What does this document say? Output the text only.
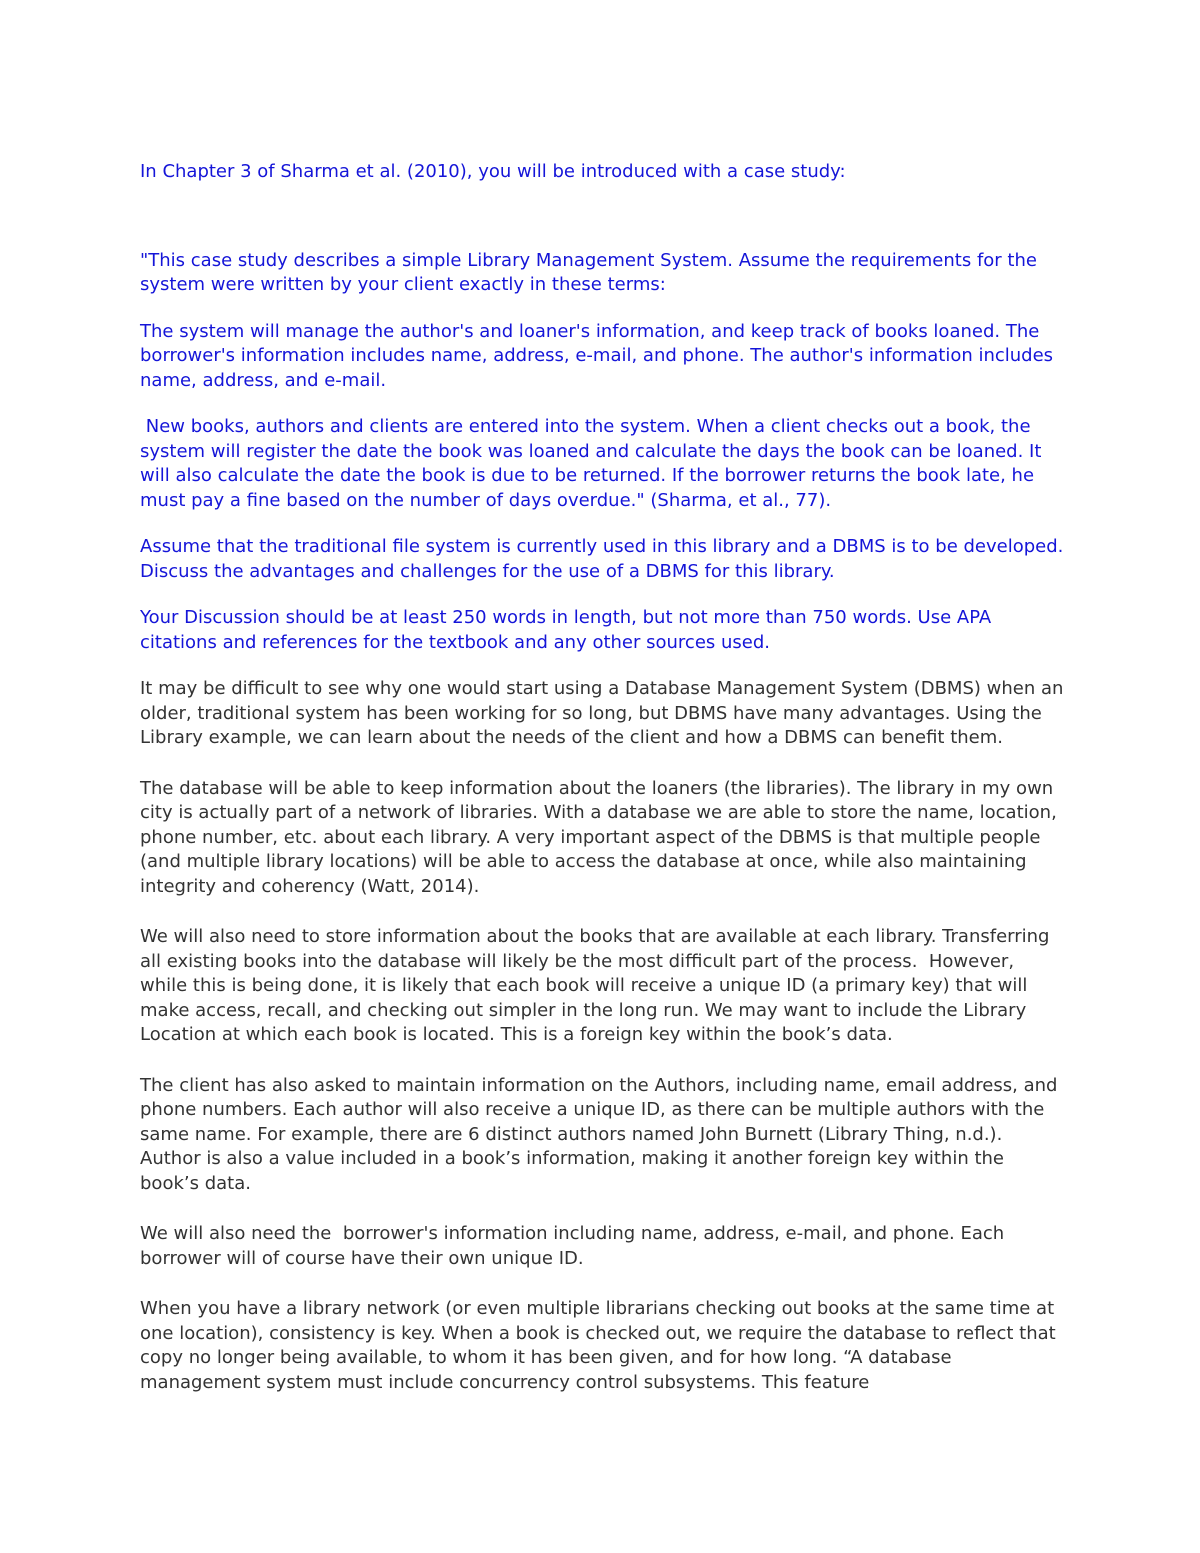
In Chapter 3 of Sharma et al. (2010), you will be introduced with a case study:

"This case study describes a simple Library Management System. Assume the requirements for the system were written by your client exactly in these terms:

The system will manage the author's and loaner's information, and keep track of books loaned. The borrower's information includes name, address, e-mail, and phone. The author's information includes name, address, and e-mail.

New books, authors and clients are entered into the system. When a client checks out a book, the system will register the date the book was loaned and calculate the days the book can be loaned. It will also calculate the date the book is due to be returned. If the borrower returns the book late, he must pay a fine based on the number of days overdue." (Sharma, et al., 77).

Assume that the traditional file system is currently used in this library and a DBMS is to be developed. Discuss the advantages and challenges for the use of a DBMS for this library.

Your Discussion should be at least 250 words in length, but not more than 750 words. Use APA citations and references for the textbook and any other sources used.

It may be difficult to see why one would start using a Database Management System (DBMS) when an older, traditional system has been working for so long, but DBMS have many advantages. Using the Library example, we can learn about the needs of the client and how a DBMS can benefit them.

The database will be able to keep information about the loaners (the libraries). The library in my own city is actually part of a network of libraries. With a database we are able to store the name, location, phone number, etc. about each library. A very important aspect of the DBMS is that multiple people (and multiple library locations) will be able to access the database at once, while also maintaining integrity and coherency (Watt, 2014).

We will also need to store information about the books that are available at each library. Transferring all existing books into the database will likely be the most difficult part of the process.  However, while this is being done, it is likely that each book will receive a unique ID (a primary key) that will make access, recall, and checking out simpler in the long run. We may want to include the Library Location at which each book is located. This is a foreign key within the book’s data.

The client has also asked to maintain information on the Authors, including name, email address, and phone numbers. Each author will also receive a unique ID, as there can be multiple authors with the same name. For example, there are 6 distinct authors named John Burnett (Library Thing, n.d.). Author is also a value included in a book’s information, making it another foreign key within the book’s data.

We will also need the  borrower's information including name, address, e-mail, and phone. Each borrower will of course have their own unique ID.

When you have a library network (or even multiple librarians checking out books at the same time at one location), consistency is key. When a book is checked out, we require the database to reflect that copy no longer being available, to whom it has been given, and for how long. “A database management system must include concurrency control subsystems. This feature
